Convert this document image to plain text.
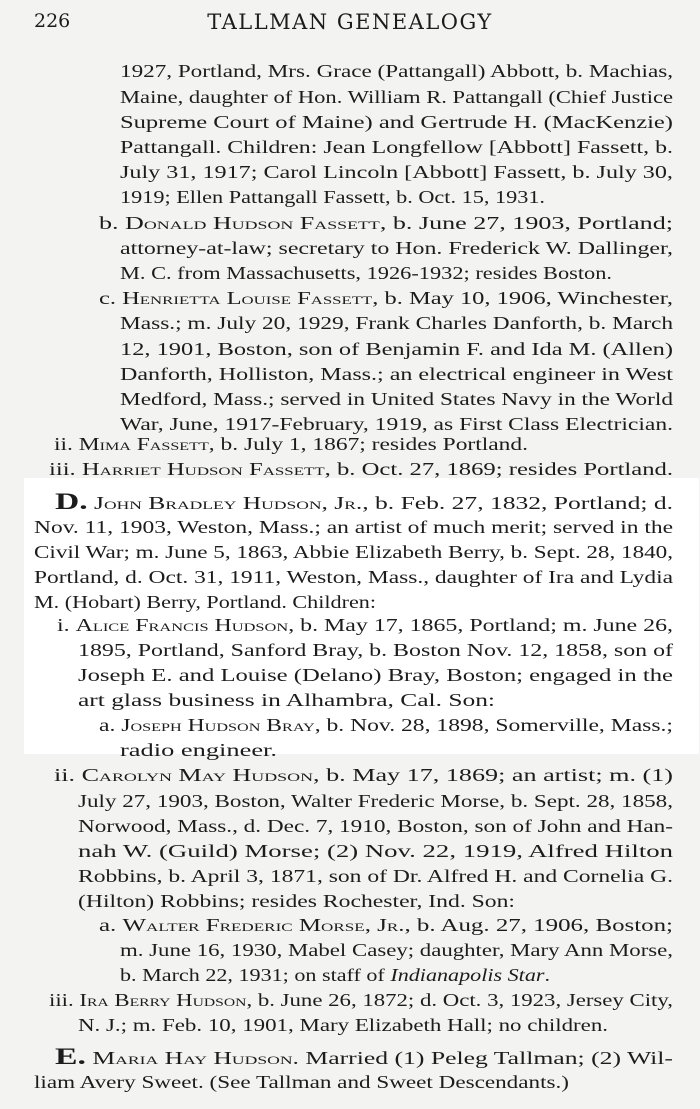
226	TALLMAN GENEALOGY
1927, Portland, Mrs. Grace (Pattangall) Abbott, b. Machias,
Maine, daughter of Hon. William R. Pattangall (Chief Justice
Supreme Court of Maine) and Gertrude H. (MacKenzie)
Pattangall. Children: Jean Longfellow [Abbott] Fassett, b.
July 31, 1917; Carol Lincoln [Abbott] Fassett, b. July 30,
1919; Ellen Pattangall Fassett, b. Oct. 15, 1931.
b. Donald Hudson Fassett, b. June 27, 1903, Portland;
attorney-at-law; secretary to Hon. Frederick W. Dallinger,
M. C. from Massachusetts, 1926-1932; resides Boston.
c. Henrietta Louise Fassett, b. May 10, 1906, Winchester,
Mass.; m. July 20, 1929, Frank Charles Danforth, b. March
12, 1901, Boston, son of Benjamin F. and Ida M. (Allen)
Danforth, Holliston, Mass.; an electrical engineer in West
Medford, Mass.; served in United States Navy in the World
War, June, 1917-February, 1919, as First Class Electrician.
ii. Mima Fassett, b. July 1, 1867; resides Portland.
iii. Harriet Hudson Fassett, b. Oct. 27, 1869; resides Portland.
D. John Bradley Hudson, Jr., b. Feb. 27, 1832, Portland; d.
Nov. 11, 1903, Weston, Mass.; an artist of much merit; served in the
Civil War; m. June 5, 1863, Abbie Elizabeth Berry, b. Sept. 28, 1840,
Portland, d. Oct. 31, 1911, Weston, Mass., daughter of Ira and Lydia
M. (Hobart) Berry, Portland. Children:
i. Alice Francis Hudson, b. May 17, 1865, Portland; m. June 26,
1895, Portland, Sanford Bray, b. Boston Nov. 12, 1858, son of
Joseph E. and Louise (Delano) Bray, Boston; engaged in the
art glass business in Alhambra, Cal. Son:
a. Joseph Hudson Bray, b. Nov. 28, 1898, Somerville, Mass.;
radio engineer.
ii. Carolyn May Hudson, b. May 17, 1869; an artist; m. (1)
July 27, 1903, Boston, Walter Frederic Morse, b. Sept. 28, 1858,
Norwood, Mass., d. Dec. 7, 1910, Boston, son of John and Han-
nah W. (Guild) Morse; (2) Nov. 22, 1919, Alfred Hilton
Robbins, b. April 3, 1871, son of Dr. Alfred H. and Cornelia G.
(Hilton) Robbins; resides Rochester, Ind. Son:
a. Walter Frederic Morse, Jr., b. Aug. 27, 1906, Boston;
m. June 16, 1930, Mabel Casey; daughter, Mary Ann Morse,
b. March 22, 1931; on staff of Indianapolis Star.
iii. Ira Berry Hudson, b. June 26, 1872; d. Oct. 3, 1923, Jersey City,
N. J.; m. Feb. 10, 1901, Mary Elizabeth Hall; no children.
E. Maria Hay Hudson. Married (1) Peleg Tallman; (2) Wil-
liam Avery Sweet. (See Tallman and Sweet Descendants.)
